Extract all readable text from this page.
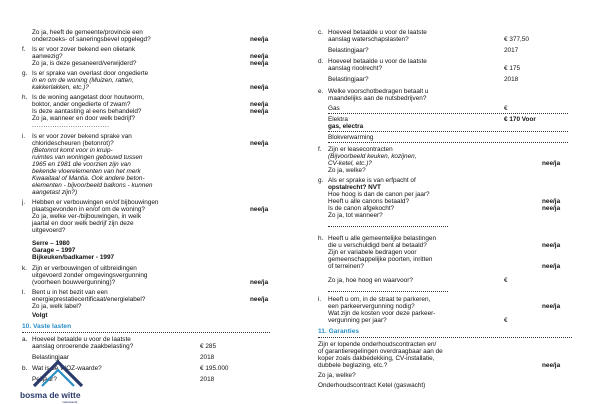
Zo ja, heeft de gemeente/provincie een
onderzoeks- of saneringsbevel opgelegd?	nee/ja
f. Is er voor zover bekend een olietank
aanwezig?	nee/ja
Zo ja, is deze gesaneerd/verwijderd?	nee/ja
g. Is er sprake van overlast door ongedierte
in en om de woning (Muizen, ratten,
kakkerlakken, etc.)?	nee/ja
h. Is de woning aangetast door houtworm,
boktor, ander ongedierte of zwam?	nee/ja
Is deze aantasting al eens behandeld?	nee/ja
Zo ja, wanneer en door welk bedrijf?
..................................
i. Is er voor zover bekend sprake van
chloridescheuren (betonrot)?	nee/ja
(Betonrot komt voor in kruip-
ruimtes van woningen gebouwd tussen
1965 en 1981 die voorzien zijn van
bekende vloerelementen van het merk
Kwaaitaal of Mantia. Ook andere beton-
elementen - bijvoorbeeld balkons - kunnen
aangetast zijn?)
j. Hebben er verbouwingen en/of bijbouwingen
plaatsgevonden in en/of om de woning?	nee/ja
Zo ja, welke ver-/bijbouwingen, in welk
jaartal en door welk bedrijf zijn deze
uitgevoerd?
Serre – 1980
Garage – 1997
Bijkeuken/badkamer - 1997
k. Zijn er verbouwingen of uitbreidingen
uitgevoerd zonder omgevingsvergunning
(voorheen bouwvergunning)?	nee/ja
l. Bent u in het bezit van een
energieprestatiecertificaat/energielabel?	nee/ja
Zo ja, welk label?
Volgt
10. Vaste lasten
a. Hoeveel betaalde u voor de laatste
aanslag onroerende zaakbelasting?	€ 285
Belastingjaar	2018
b. Wat is de WOZ-waarde?	€ 195.000
Peiljaar?	2018
c. Hoeveel betaalde u voor de laatste
aanslag waterschapslasten?	€ 377,50
Belastingjaar?	2017
d. Hoeveel betaalde u voor de laatste
aanslag rioolrecht?	€ 175
Belastingjaar?	2018
e. Welke voorschotbedragen betaalt u
maandelijks aan de nutsbedrijven?
Gas	€
Elektra	€ 170 Voor
gas, electra
Blokverwarming
f. Zijn er leasecontracten
(Bijvoorbeeld keuken, kozijnen,
CV-ketel, etc.)?	nee/ja
Zo ja, welke?
g. Als er sprake is van erfpacht of
opstalrecht? NVT
Hoe hoog is dan de canon per jaar?
Heeft u alle canons betaald?	nee/ja
Is de canon afgekocht?	nee/ja
Zo ja, tot wanneer?
h. Heeft u alle gemeentelijke belastingen
die u verschuldigd bent al betaald?	nee/ja
Zijn er variabele bedragen voor
gemeenschappelijke poorten, inritten
of terreinen?	nee/ja
Zo ja, hoe hoog en waarvoor?	€
i. Heeft u om, in de straat te parkeren,
een parkeervergunning nodig?	nee/ja
Wat zijn de kosten voor deze parkeer-
vergunning per jaar?	€
11. Garanties
Zijn er lopende onderhoudscontracten en/
of garantieregelingen overdraagbaar aan de
koper zoals dakbedekking, CV-installatie,
dubbele beglazing, etc.?	nee/ja
Zo ja, welke?
Onderhoudscontract Ketel (gaswacht)
bosma de witte
makelaardij
